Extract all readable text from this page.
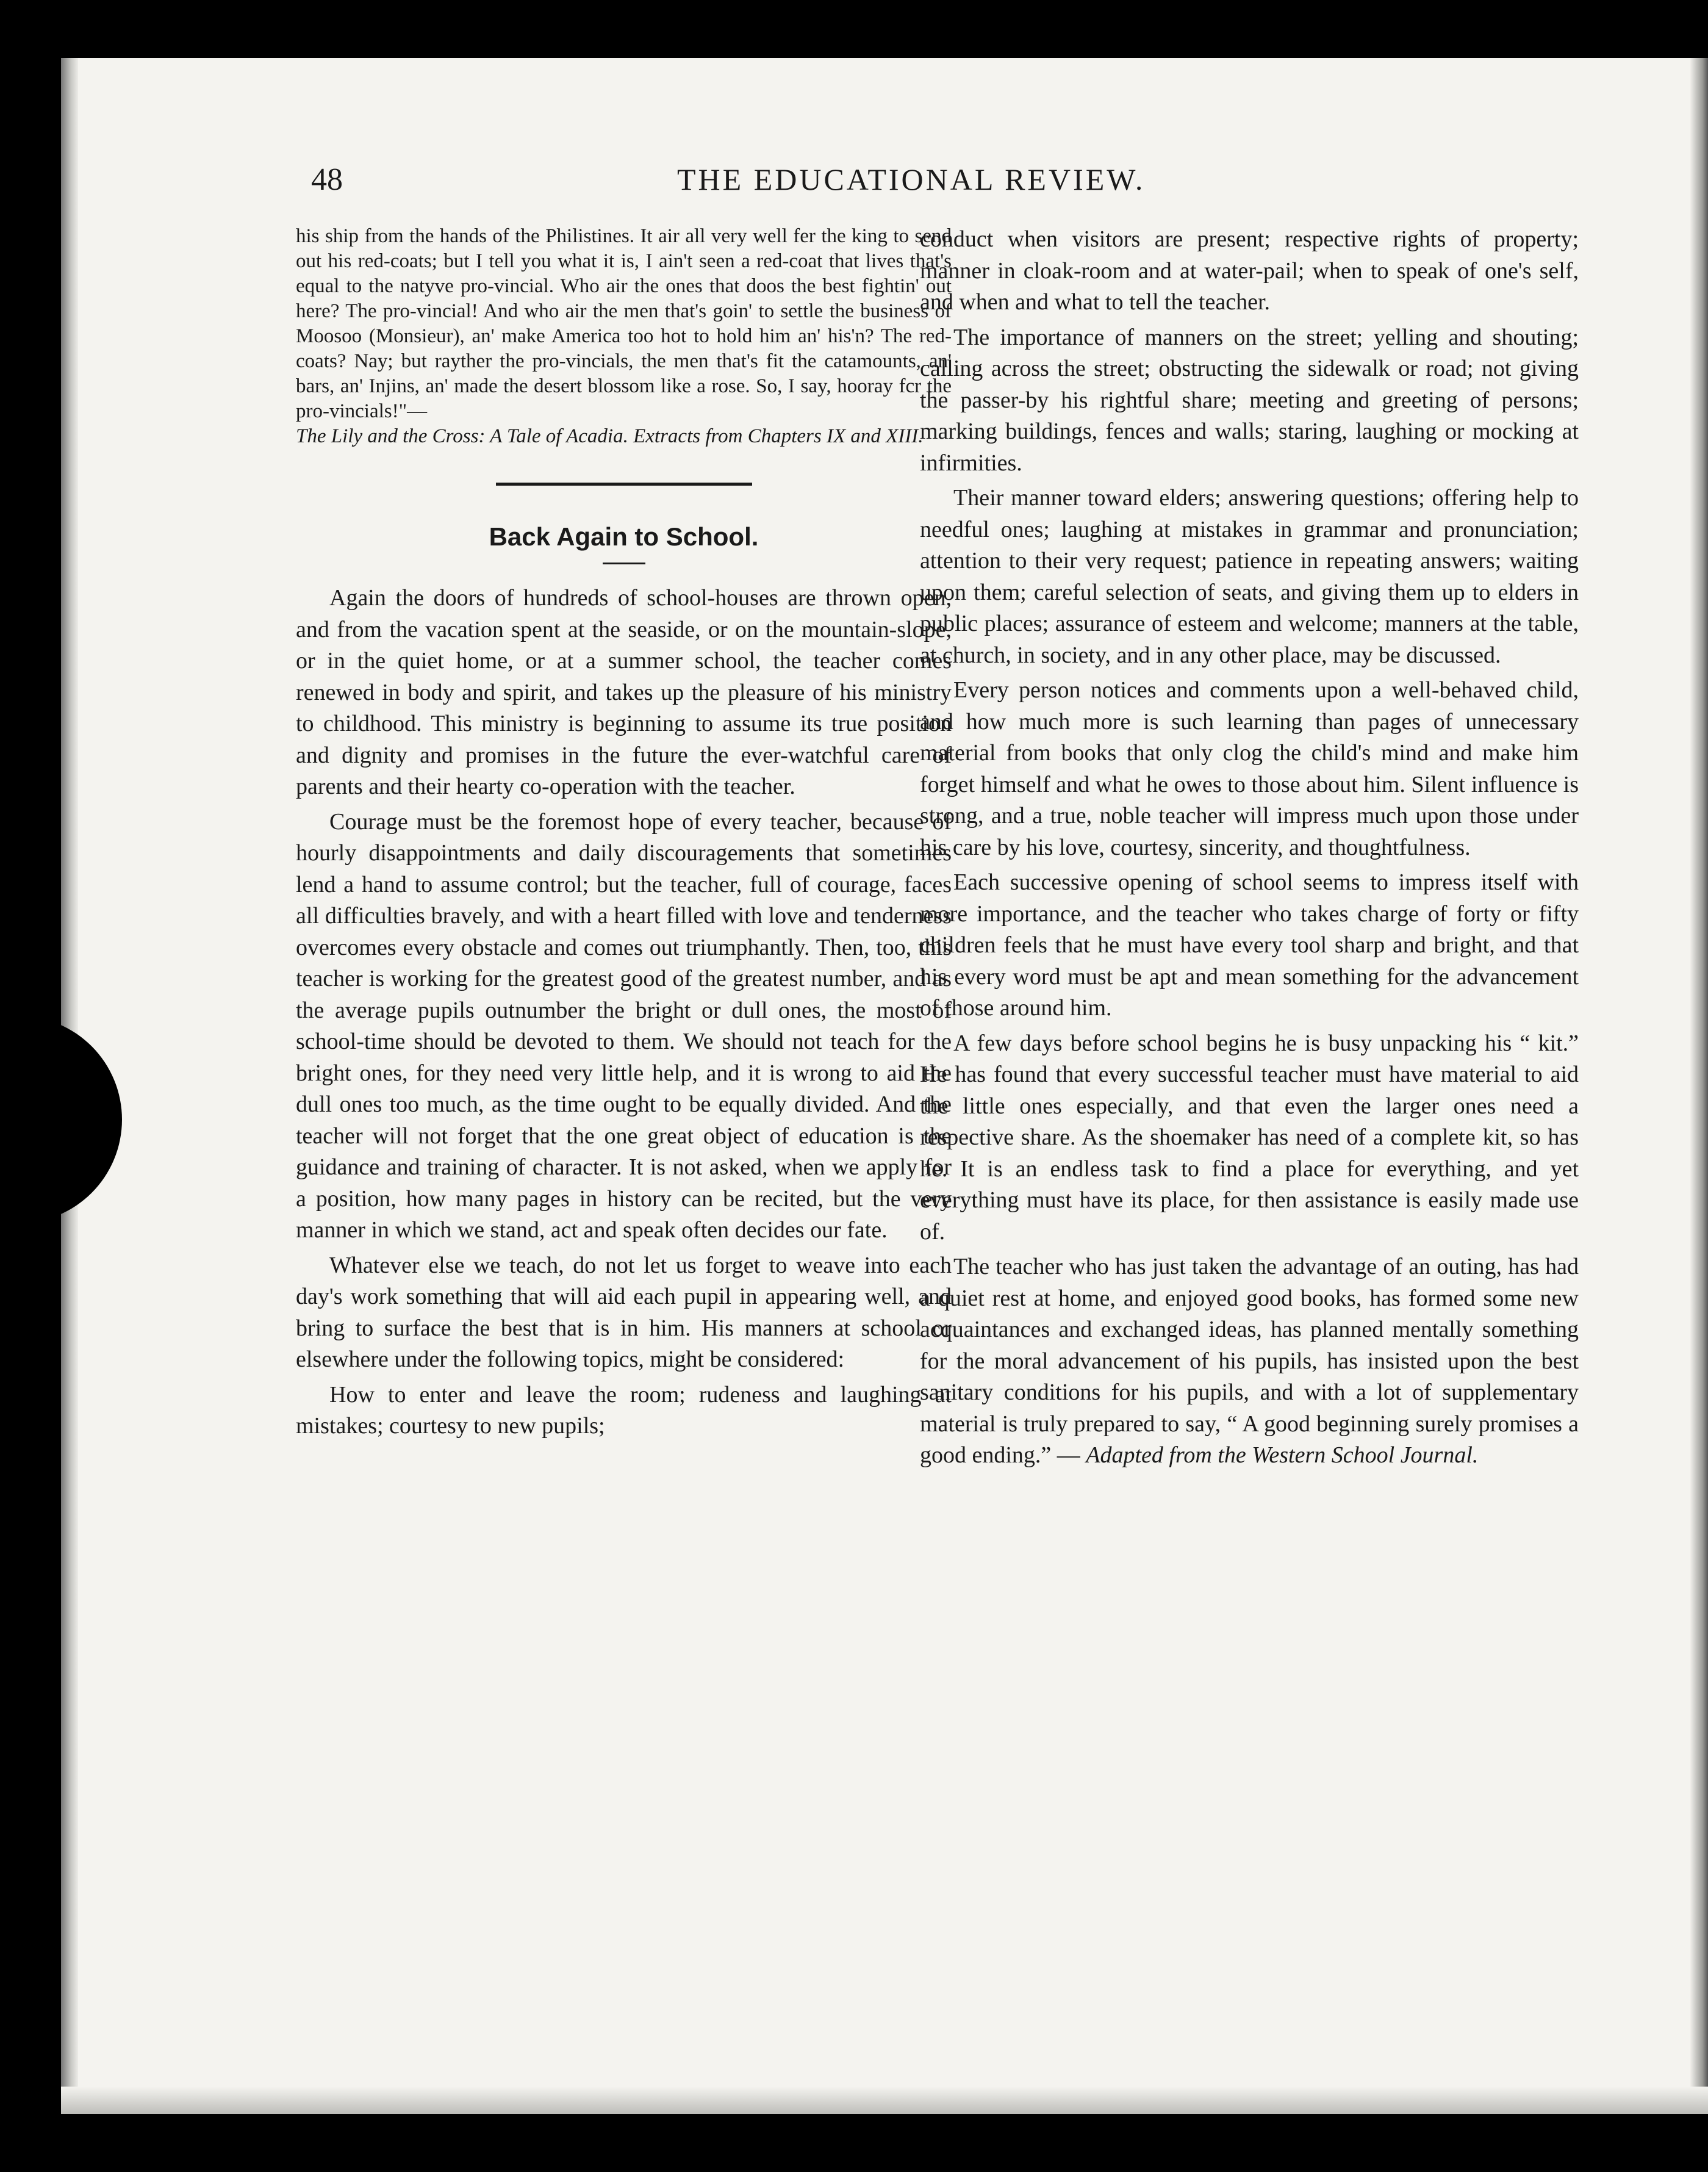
48	THE EDUCATIONAL REVIEW.

his ship from the hands of the Philistines. It air all very well fer the king to send out his red-coats; but I tell you what it is, I ain't seen a red-coat that lives that's equal to the natyve pro-vincial. Who air the ones that doos the best fightin' out here? The pro-vincial! And who air the men that's goin' to settle the business of Moosoo (Monsieur), an' make America too hot to hold him an' his'n? The red-coats? Nay; but rayther the pro-vincials, the men that's fit the catamounts, an' bars, an' Injins, an' made the desert blossom like a rose. So, I say, hooray fcr the pro-vincials!"—
The Lily and the Cross: A Tale of Acadia. Extracts from Chapters IX and XIII.

Back Again to School.

Again the doors of hundreds of school-houses are thrown open, and from the vacation spent at the seaside, or on the mountain-slope, or in the quiet home, or at a summer school, the teacher comes renewed in body and spirit, and takes up the pleasure of his ministry to childhood. This ministry is beginning to assume its true position and dignity and promises in the future the ever-watchful care of parents and their hearty co-operation with the teacher.

Courage must be the foremost hope of every teacher, because of hourly disappointments and daily discouragements that sometimes lend a hand to assume control; but the teacher, full of courage, faces all difficulties bravely, and with a heart filled with love and tenderness overcomes every obstacle and comes out triumphantly. Then, too, this teacher is working for the greatest good of the greatest number, and as the average pupils outnumber the bright or dull ones, the most of school-time should be devoted to them. We should not teach for the bright ones, for they need very little help, and it is wrong to aid the dull ones too much, as the time ought to be equally divided. And the teacher will not forget that the one great object of education is the guidance and training of character. It is not asked, when we apply for a position, how many pages in history can be recited, but the very manner in which we stand, act and speak often decides our fate.

Whatever else we teach, do not let us forget to weave into each day's work something that will aid each pupil in appearing well, and bring to surface the best that is in him. His manners at school or elsewhere under the following topics, might be considered:

How to enter and leave the room; rudeness and laughing at mistakes; courtesy to new pupils;

conduct when visitors are present; respective rights of property; manner in cloak-room and at water-pail; when to speak of one's self, and when and what to tell the teacher.

The importance of manners on the street; yelling and shouting; calling across the street; obstructing the sidewalk or road; not giving the passer-by his rightful share; meeting and greeting of persons; marking buildings, fences and walls; staring, laughing or mocking at infirmities.

Their manner toward elders; answering questions; offering help to needful ones; laughing at mistakes in grammar and pronunciation; attention to their very request; patience in repeating answers; waiting upon them; careful selection of seats, and giving them up to elders in public places; assurance of esteem and welcome; manners at the table, at church, in society, and in any other place, may be discussed.

Every person notices and comments upon a well-behaved child, and how much more is such learning than pages of unnecessary material from books that only clog the child's mind and make him forget himself and what he owes to those about him. Silent influence is strong, and a true, noble teacher will impress much upon those under his care by his love, courtesy, sincerity, and thoughtfulness.

Each successive opening of school seems to impress itself with more importance, and the teacher who takes charge of forty or fifty children feels that he must have every tool sharp and bright, and that his every word must be apt and mean something for the advancement of those around him.

A few days before school begins he is busy unpacking his “ kit.” He has found that every successful teacher must have material to aid the little ones especially, and that even the larger ones need a respective share. As the shoemaker has need of a complete kit, so has he. It is an endless task to find a place for everything, and yet everything must have its place, for then assistance is easily made use of.

The teacher who has just taken the advantage of an outing, has had a quiet rest at home, and enjoyed good books, has formed some new acquaintances and exchanged ideas, has planned mentally something for the moral advancement of his pupils, has insisted upon the best sanitary conditions for his pupils, and with a lot of supplementary material is truly prepared to say, “ A good beginning surely promises a good ending.” — Adapted from the Western School Journal.
